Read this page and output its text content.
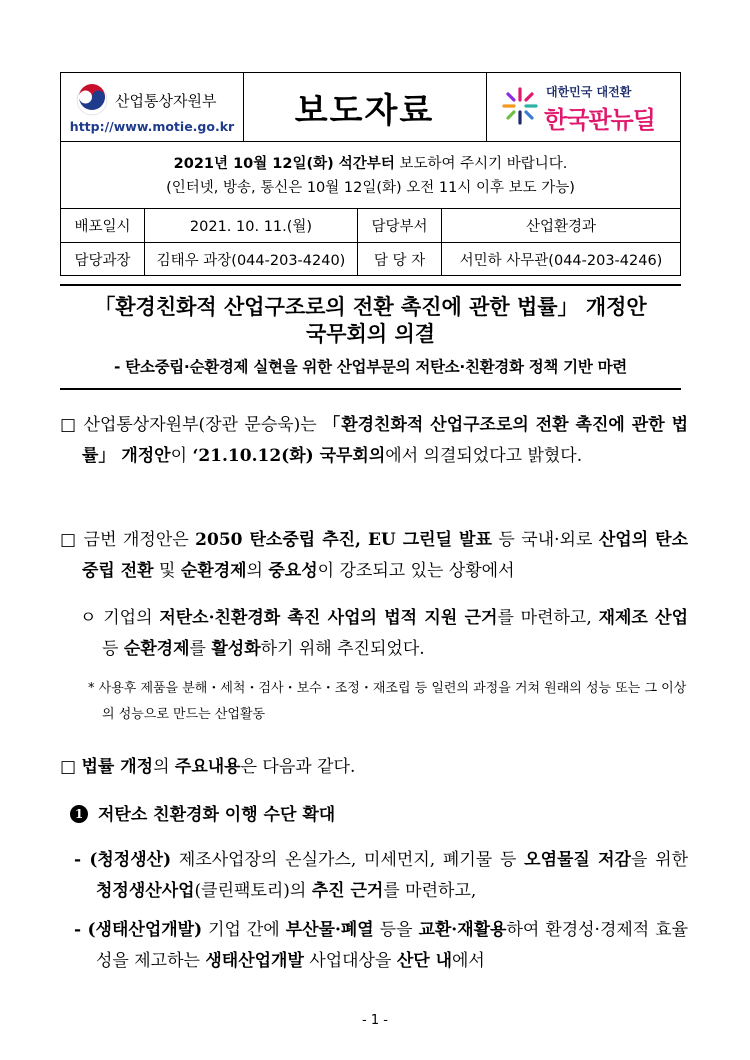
산업통상자원부
http://www.motie.go.kr	보도자료	대한민국 대전환
한국판뉴딜
2021년 10월 12일(화) 석간부터 보도하여 주시기 바랍니다.
(인터넷, 방송, 통신은 10월 12일(화) 오전 11시 이후 보도 가능)
배포일시	2021. 10. 11.(월)	담당부서	산업환경과
담당과장	김태우 과장(044-203-4240)	담 당 자	서민하 사무관(044-203-4246)
「환경친화적 산업구조로의 전환 촉진에 관한 법률」 개정안
국무회의 의결
- 탄소중립·순환경제 실현을 위한 산업부문의 저탄소·친환경화 정책 기반 마련
□ 산업통상자원부(장관 문승욱)는 「환경친화적 산업구조로의 전환 촉진에 관한 법률」 개정안이 ‘21.10.12(화) 국무회의에서 의결되었다고 밝혔다.
□ 금번 개정안은 2050 탄소중립 추진, EU 그린딜 발표 등 국내·외로 산업의 탄소중립 전환 및 순환경제의 중요성이 강조되고 있는 상황에서
ㅇ 기업의 저탄소·친환경화 촉진 사업의 법적 지원 근거를 마련하고, 재제조 산업 등 순환경제를 활성화하기 위해 추진되었다.
* 사용후 제품을 분해・세척・검사・보수・조정・재조립 등 일련의 과정을 거쳐 원래의 성능 또는 그 이상의 성능으로 만드는 산업활동
□ 법률 개정의 주요내용은 다음과 같다.
1 저탄소 친환경화 이행 수단 확대
- (청정생산) 제조사업장의 온실가스, 미세먼지, 폐기물 등 오염물질 저감을 위한 청정생산사업(클린팩토리)의 추진 근거를 마련하고,
- (생태산업개발) 기업 간에 부산물·폐열 등을 교환·재활용하여 환경성·경제적 효율성을 제고하는 생태산업개발 사업대상을 산단 내에서
- 1 -
